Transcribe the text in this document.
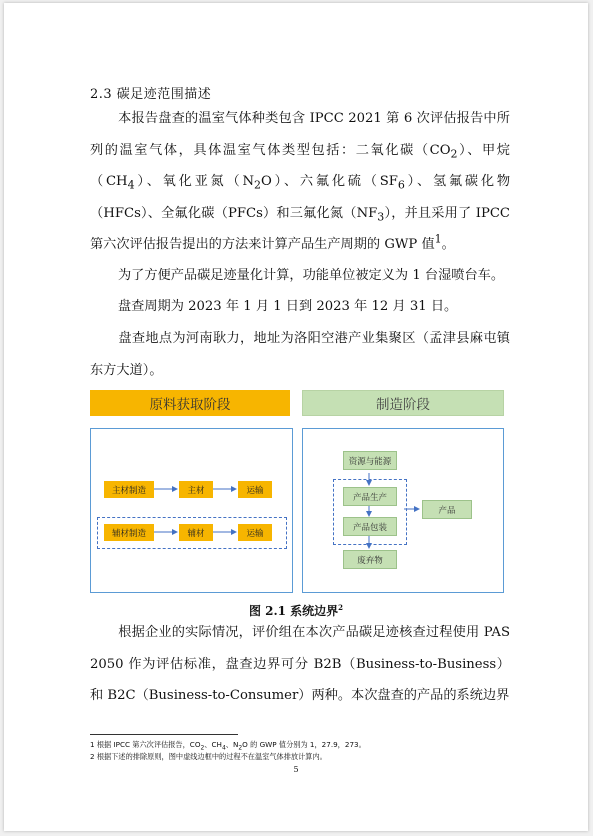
2.3 碳足迹范围描述
本报告盘查的温室气体种类包含 IPCC 2021 第 6 次评估报告中所列的温室气体，具体温室气体类型包括：二氧化碳$(CO_2)$、甲烷$(CH_4)$、氧化亚氮$(N_2O)$、六氟化硫$(SF_6)$、氢氟碳化物（HFCs）、全氟化碳（PFCs）和三氟化氮$(NF_3)$，并且采用了 IPCC 第六次评估报告提出的方法来计算产品生产周期的 GWP 值$^1$。
为了方便产品碳足迹量化计算，功能单位被定义为 1 台湿喷台车。
盘查周期为 2023 年 1 月 1 日到 2023 年 12 月 31 日。
盘查地点为河南耿力，地址为洛阳空港产业集聚区（孟津县麻屯镇东方大道）。
原料获取阶段	制造阶段
主材制造	主材	运输
辅材制造	辅材	运输
资源与能源
产品生产
产品包装
产品
废弃物
图 2.1 系统边界$^2$
根据企业的实际情况，评价组在本次产品碳足迹核查过程使用 PAS 2050 作为评估标准，盘查边界可分 B2B（Business-to-Business）和 B2C（Business-to-Consumer）两种。本次盘查的产品的系统边界
1 根据 IPCC 第六次评估报告，$CO_2$、$CH_4$、$N_2O$ 的 GWP 值分别为 1，27.9，273。
2 根据下述的排除原则，图中虚线边框中的过程不在温室气体排放计算内。
5
